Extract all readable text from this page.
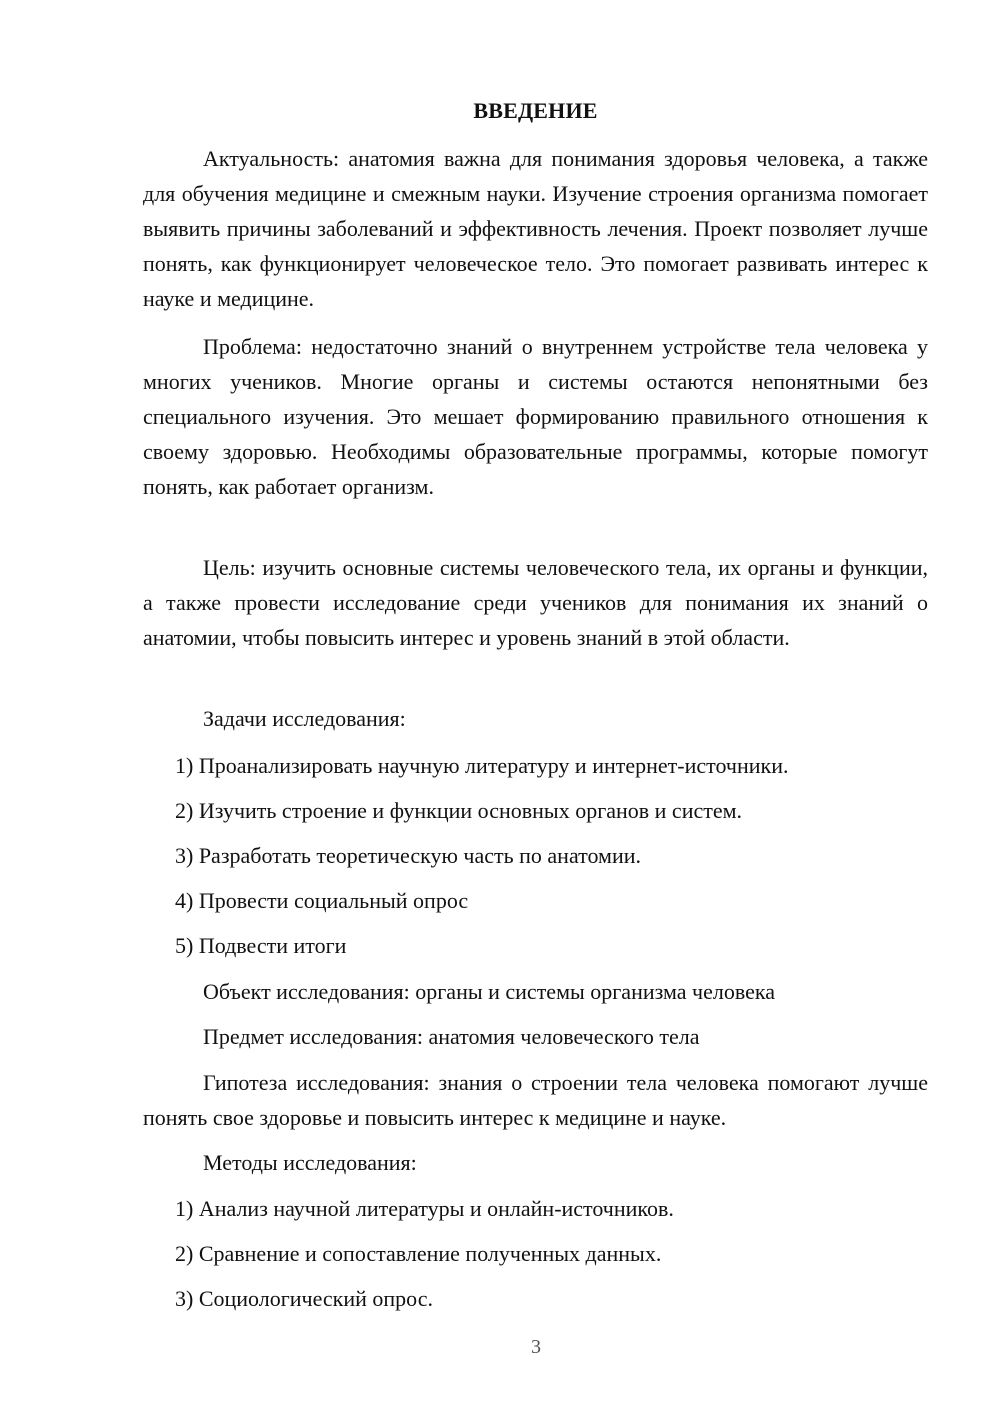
ВВЕДЕНИЕ

Актуальность: анатомия важна для понимания здоровья человека, а также для обучения медицине и смежным науки. Изучение строения организма помогает выявить причины заболеваний и эффективность лечения. Проект позволяет лучше понять, как функционирует человеческое тело. Это помогает развивать интерес к науке и медицине.

Проблема: недостаточно знаний о внутреннем устройстве тела человека у многих учеников. Многие органы и системы остаются непонятными без специального изучения. Это мешает формированию правильного отношения к своему здоровью. Необходимы образовательные программы, которые помогут понять, как работает организм.

Цель: изучить основные системы человеческого тела, их органы и функции, а также провести исследование среди учеников для понимания их знаний о анатомии, чтобы повысить интерес и уровень знаний в этой области.

Задачи исследования:

1) Проанализировать научную литературу и интернет-источники.

2) Изучить строение и функции основных органов и систем.

3) Разработать теоретическую часть по анатомии.

4) Провести социальный опрос

5) Подвести итоги

Объект исследования: органы и системы организма человека

Предмет исследования: анатомия человеческого тела

Гипотеза исследования: знания о строении тела человека помогают лучше понять свое здоровье и повысить интерес к медицине и науке.

Методы исследования:

1) Анализ научной литературы и онлайн-источников.

2) Сравнение и сопоставление полученных данных.

3) Социологический опрос.

3
